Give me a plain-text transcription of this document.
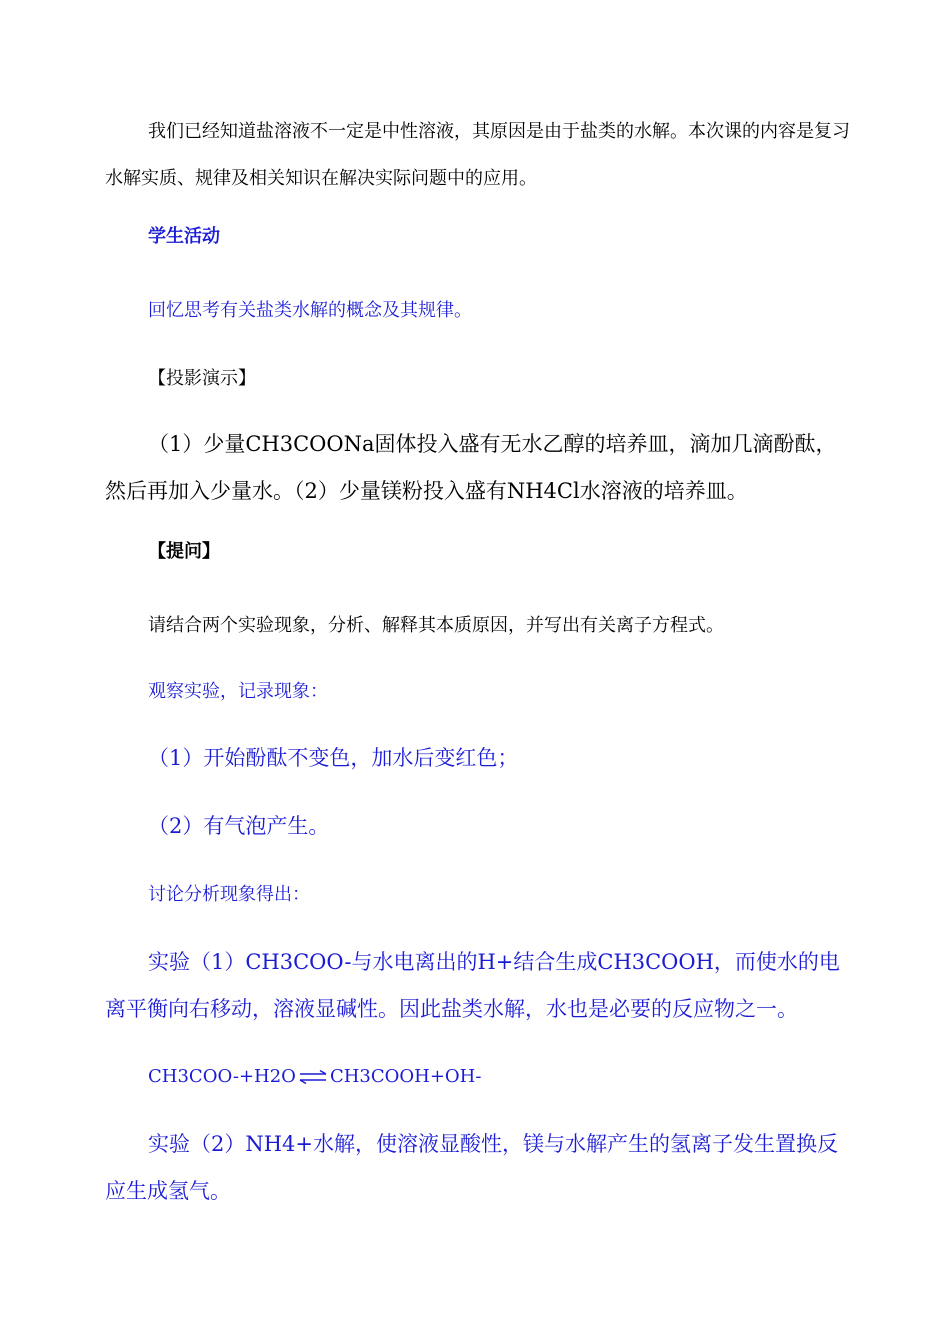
我们已经知道盐溶液不一定是中性溶液，其原因是由于盐类的水解。本次课的内容是复习水解实质、规律及相关知识在解决实际问题中的应用。

学生活动

回忆思考有关盐类水解的概念及其规律。

【投影演示】

（1）少量CH3COONa固体投入盛有无水乙醇的培养皿，滴加几滴酚酞，然后再加入少量水。（2）少量镁粉投入盛有NH4Cl水溶液的培养皿。

【提问】

请结合两个实验现象，分析、解释其本质原因，并写出有关离子方程式。

观察实验，记录现象：

（1）开始酚酞不变色，加水后变红色；

（2）有气泡产生。

讨论分析现象得出：

实验（1）CH3COO-与水电离出的H+结合生成CH3COOH，而使水的电离平衡向右移动，溶液显碱性。因此盐类水解，水也是必要的反应物之一。

CH3COO-+H2O ⇌ CH3COOH+OH-

实验（2）NH4+水解，使溶液显酸性，镁与水解产生的氢离子发生置换反应生成氢气。
